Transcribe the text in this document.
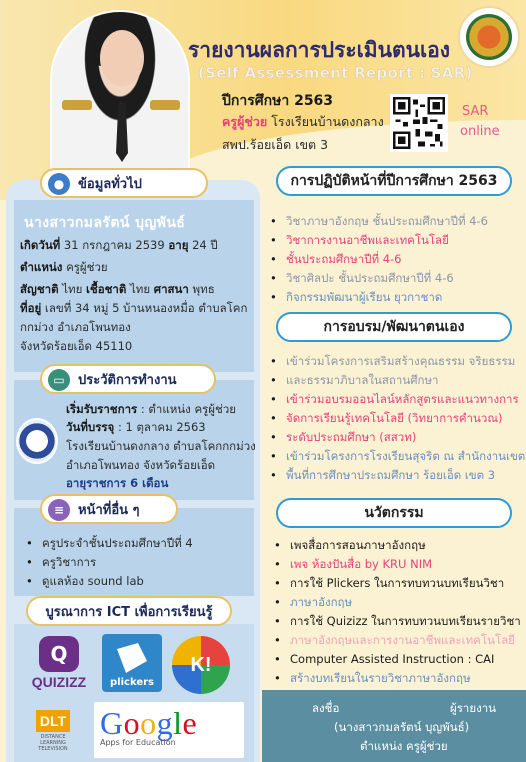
รายงานผลการประเมินตนเอง
(Self Assessment Report : SAR)
ปีการศึกษา 2563
ครูผู้ช่วย โรงเรียนบ้านดงกลาง
สพป.ร้อยเอ็ด เขต 3
SAR
online
●	ข้อมูลทั่วไป
นางสาวกมลรัตน์ บุญพันธ์
เกิดวันที่ 31 กรกฎาคม 2539 อายุ 24 ปี
ตำแหน่ง ครูผู้ช่วย
สัญชาติ ไทย เชื้อชาติ ไทย ศาสนา พุทธ
ที่อยู่ เลขที่ 34 หมู่ 5 บ้านหนองหมื่อ ตำบลโคก
กกม่วง อำเภอโพนทอง
จังหวัดร้อยเอ็ด 45110
▭	ประวัติการทำงาน
เริ่มรับราชการ : ตำแหน่ง ครูผู้ช่วย
วันที่บรรจุ : 1 ตุลาคม 2563
โรงเรียนบ้านดงกลาง ตำบลโคกกกม่วง
อำเภอโพนทอง จังหวัดร้อยเอ็ด
อายุราชการ 6 เดือน
≡	หน้าที่อื่น ๆ
• ครูประจำชั้นประถมศึกษาปีที่ 4
• ครูวิชาการ
• ดูแลห้อง sound lab
บูรณาการ ICT เพื่อการเรียนรู้
Q
QUIZIZZ	plickers
K!
DLT
DISTANCE LEARNING TELEVISION
Google
Apps for Education
การปฏิบัติหน้าที่ปีการศึกษา 2563
• วิชาภาษาอังกฤษ ชั้นประถมศึกษาปีที่ 4-6
• วิชาการงานอาชีพและเทคโนโลยี
• ชั้นประถมศึกษาปีที่ 4-6
• วิชาศิลปะ ชั้นประถมศึกษาปีที่ 4-6
• กิจกรรมพัฒนาผู้เรียน ยุวกาชาด
การอบรม/พัฒนาตนเอง
• เข้าร่วมโครงการเสริมสร้างคุณธรรม จริยธรรม
• และธรรมาภิบาลในสถานศึกษา
• เข้าร่วมอบรมออนไลน์หลักสูตรและแนวทางการ
• จัดการเรียนรู้เทคโนโลยี (วิทยาการคำนวณ)
• ระดับประถมศึกษา (สสวท)
• เข้าร่วมโครงการโรงเรียนสุจริต ณ สำนักงานเขต
• พื้นที่การศึกษาประถมศึกษา ร้อยเอ็ด เขต 3
นวัตกรรม
• เพจสื่อการสอนภาษาอังกฤษ
• เพจ ห้องปันสื่อ by KRU NIM
• การใช้ Plickers ในการทบทวนบทเรียนวิชา
• ภาษาอังกฤษ
• การใช้ Quizizz ในการทบทวนบทเรียนรายวิชา
• ภาษาอังกฤษและการงานอาชีพและเทคโนโลยี
• Computer Assisted Instruction : CAI
• สร้างบทเรียนในรายวิชาภาษาอังกฤษ
ลงชื่อ	ผู้รายงาน
(นางสาวกมลรัตน์ บุญพันธ์)
ตำแหน่ง ครูผู้ช่วย
